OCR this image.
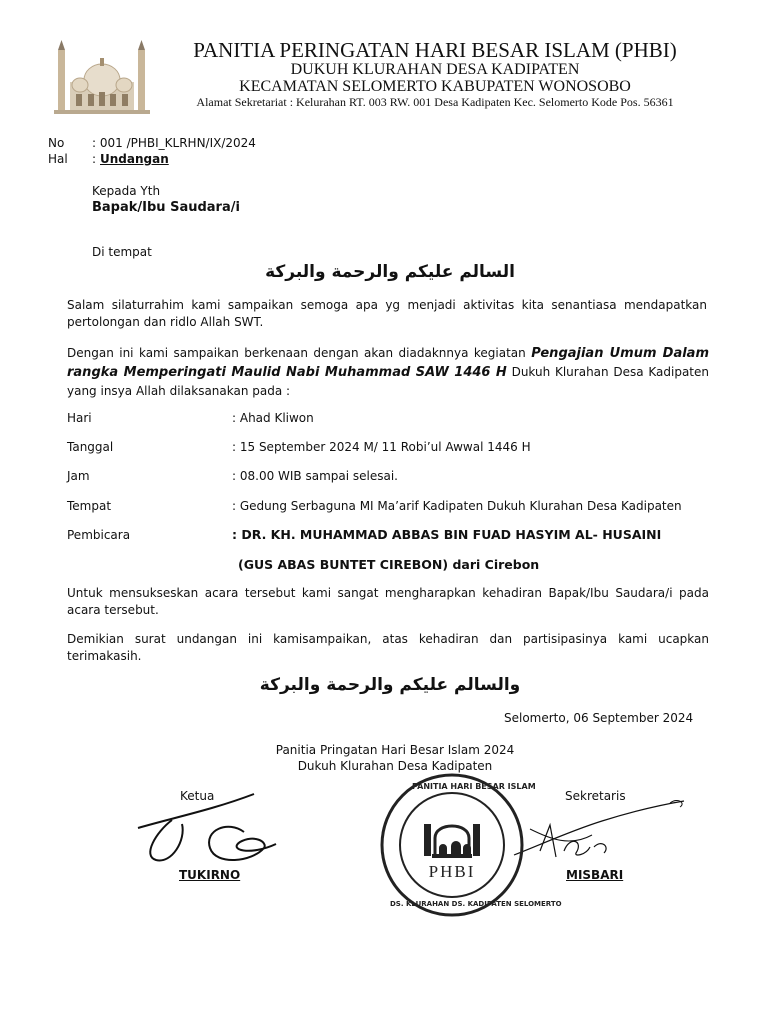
PANITIA PERINGATAN HARI BESAR ISLAM (PHBI)
DUKUH KLURAHAN DESA KADIPATEN
KECAMATAN SELOMERTO KABUPATEN WONOSOBO
Alamat Sekretariat : Kelurahan RT. 003 RW. 001 Desa Kadipaten Kec. Selomerto Kode Pos. 56361
No : 001 /PHBI_KLRHN/IX/2024
Hal : Undangan
Kepada Yth
Bapak/Ibu Saudara/i
Di tempat
السالم عليكم والرحمة والبركة
Salam silaturrahim kami sampaikan semoga apa yg menjadi aktivitas kita senantiasa mendapatkan pertolongan dan ridlo Allah SWT.
Dengan ini kami sampaikan berkenaan dengan akan diadaknnya kegiatan Pengajian Umum Dalam rangka Memperingati Maulid Nabi Muhammad SAW 1446 H Dukuh Klurahan Desa Kadipaten yang insya Allah dilaksanakan pada :
Hari	: Ahad Kliwon
Tanggal	: 15 September 2024 M/ 11 Robi’ul Awwal 1446 H
Jam	: 08.00 WIB sampai selesai.
Tempat	: Gedung Serbaguna MI Ma’arif Kadipaten Dukuh Klurahan Desa Kadipaten
Pembicara	: DR. KH. MUHAMMAD ABBAS BIN FUAD HASYIM AL- HUSAINI
(GUS ABAS BUNTET CIREBON) dari Cirebon
Untuk mensukseskan acara tersebut kami sangat mengharapkan kehadiran Bapak/Ibu Saudara/i pada acara tersebut.
Demikian surat undangan ini kamisampaikan, atas kehadiran dan partisipasinya kami ucapkan terimakasih.
والسالم عليكم والرحمة والبركة
Selomerto, 06 September 2024
Panitia Pringatan Hari Besar Islam 2024
Dukuh Klurahan Desa Kadipaten
Ketua	Sekretaris
PHBI
PANITIA HARI BESAR ISLAM
DS. KLURAHAN DS. KADIPATEN SELOMERTO
TUKIRNO	MISBARI
